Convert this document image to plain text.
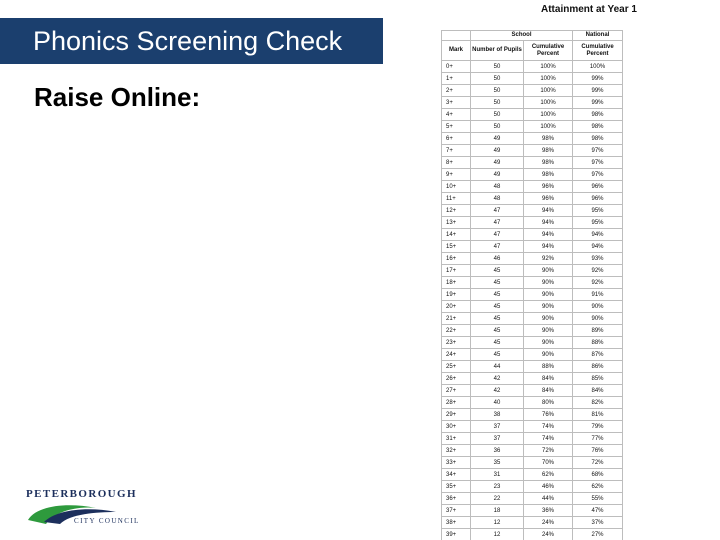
Phonics Screening Check
Raise Online:
Attainment at Year 1
	School		National
Mark	Number of Pupils	Cumulative Percent	Cumulative Percent
0+	50	100%	100%
1+	50	100%	99%
2+	50	100%	99%
3+	50	100%	99%
4+	50	100%	98%
5+	50	100%	98%
6+	49	98%	98%
7+	49	98%	97%
8+	49	98%	97%
9+	49	98%	97%
10+	48	96%	96%
11+	48	96%	96%
12+	47	94%	95%
13+	47	94%	95%
14+	47	94%	94%
15+	47	94%	94%
16+	46	92%	93%
17+	45	90%	92%
18+	45	90%	92%
19+	45	90%	91%
20+	45	90%	90%
21+	45	90%	90%
22+	45	90%	89%
23+	45	90%	88%
24+	45	90%	87%
25+	44	88%	86%
26+	42	84%	85%
27+	42	84%	84%
28+	40	80%	82%
29+	38	76%	81%
30+	37	74%	79%
31+	37	74%	77%
32+	36	72%	76%
33+	35	70%	72%
34+	31	62%	68%
35+	23	46%	62%
36+	22	44%	55%
37+	18	36%	47%
38+	12	24%	37%
39+	12	24%	27%
PETERBOROUGH
CITY COUNCIL
